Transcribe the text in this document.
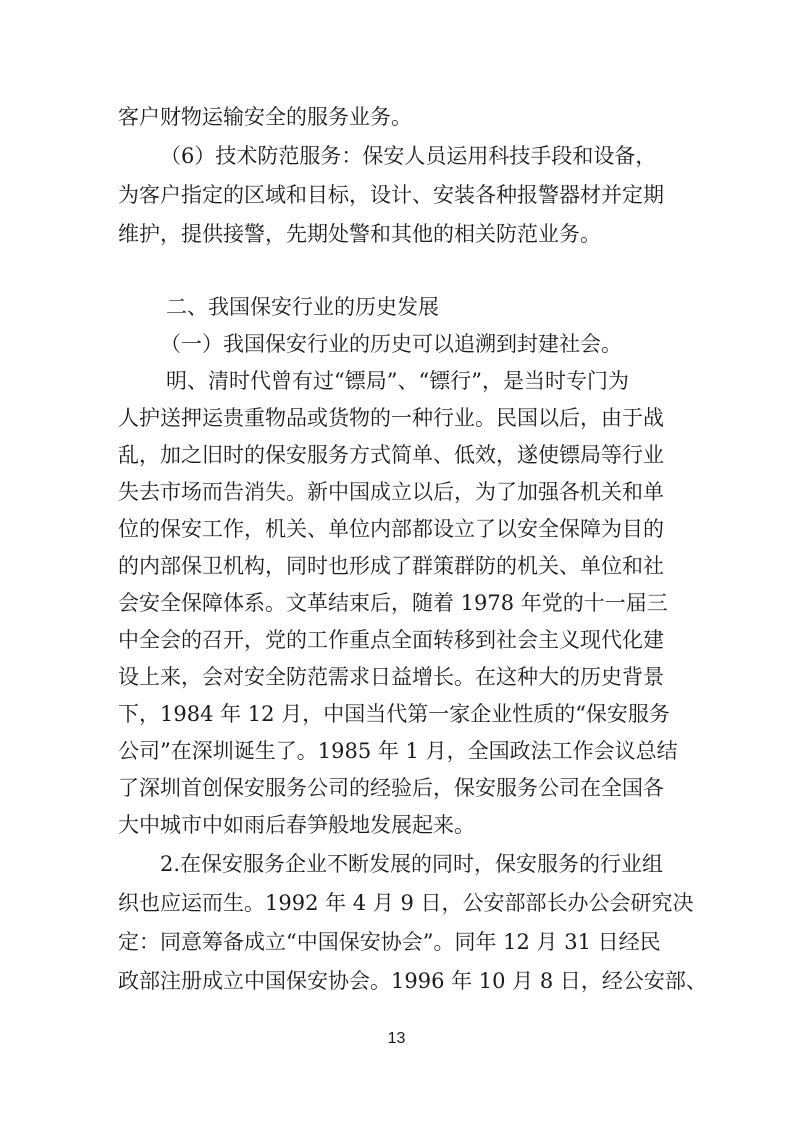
客户财物运输安全的服务业务。
（6）技术防范服务：保安人员运用科技手段和设备，
为客户指定的区域和目标，设计、安装各种报警器材并定期
维护，提供接警，先期处警和其他的相关防范业务。
二、我国保安行业的历史发展
（一）我国保安行业的历史可以追溯到封建社会。
明、清时代曾有过“镖局”、“镖行”，是当时专门为
人护送押运贵重物品或货物的一种行业。民国以后，由于战
乱，加之旧时的保安服务方式简单、低效，遂使镖局等行业
失去市场而告消失。新中国成立以后，为了加强各机关和单
位的保安工作，机关、单位内部都设立了以安全保障为目的
的内部保卫机构，同时也形成了群策群防的机关、单位和社
会安全保障体系。文革结束后，随着 1978 年党的十一届三
中全会的召开，党的工作重点全面转移到社会主义现代化建
设上来，会对安全防范需求日益增长。在这种大的历史背景
下，1984 年 12 月，中国当代第一家企业性质的“保安服务
公司”在深圳诞生了。1985 年 1 月，全国政法工作会议总结
了深圳首创保安服务公司的经验后，保安服务公司在全国各
大中城市中如雨后春笋般地发展起来。
2.在保安服务企业不断发展的同时，保安服务的行业组
织也应运而生。1992 年 4 月 9 日，公安部部长办公会研究决
定：同意筹备成立“中国保安协会”。同年 12 月 31 日经民
政部注册成立中国保安协会。1996 年 10 月 8 日，经公安部、
13
